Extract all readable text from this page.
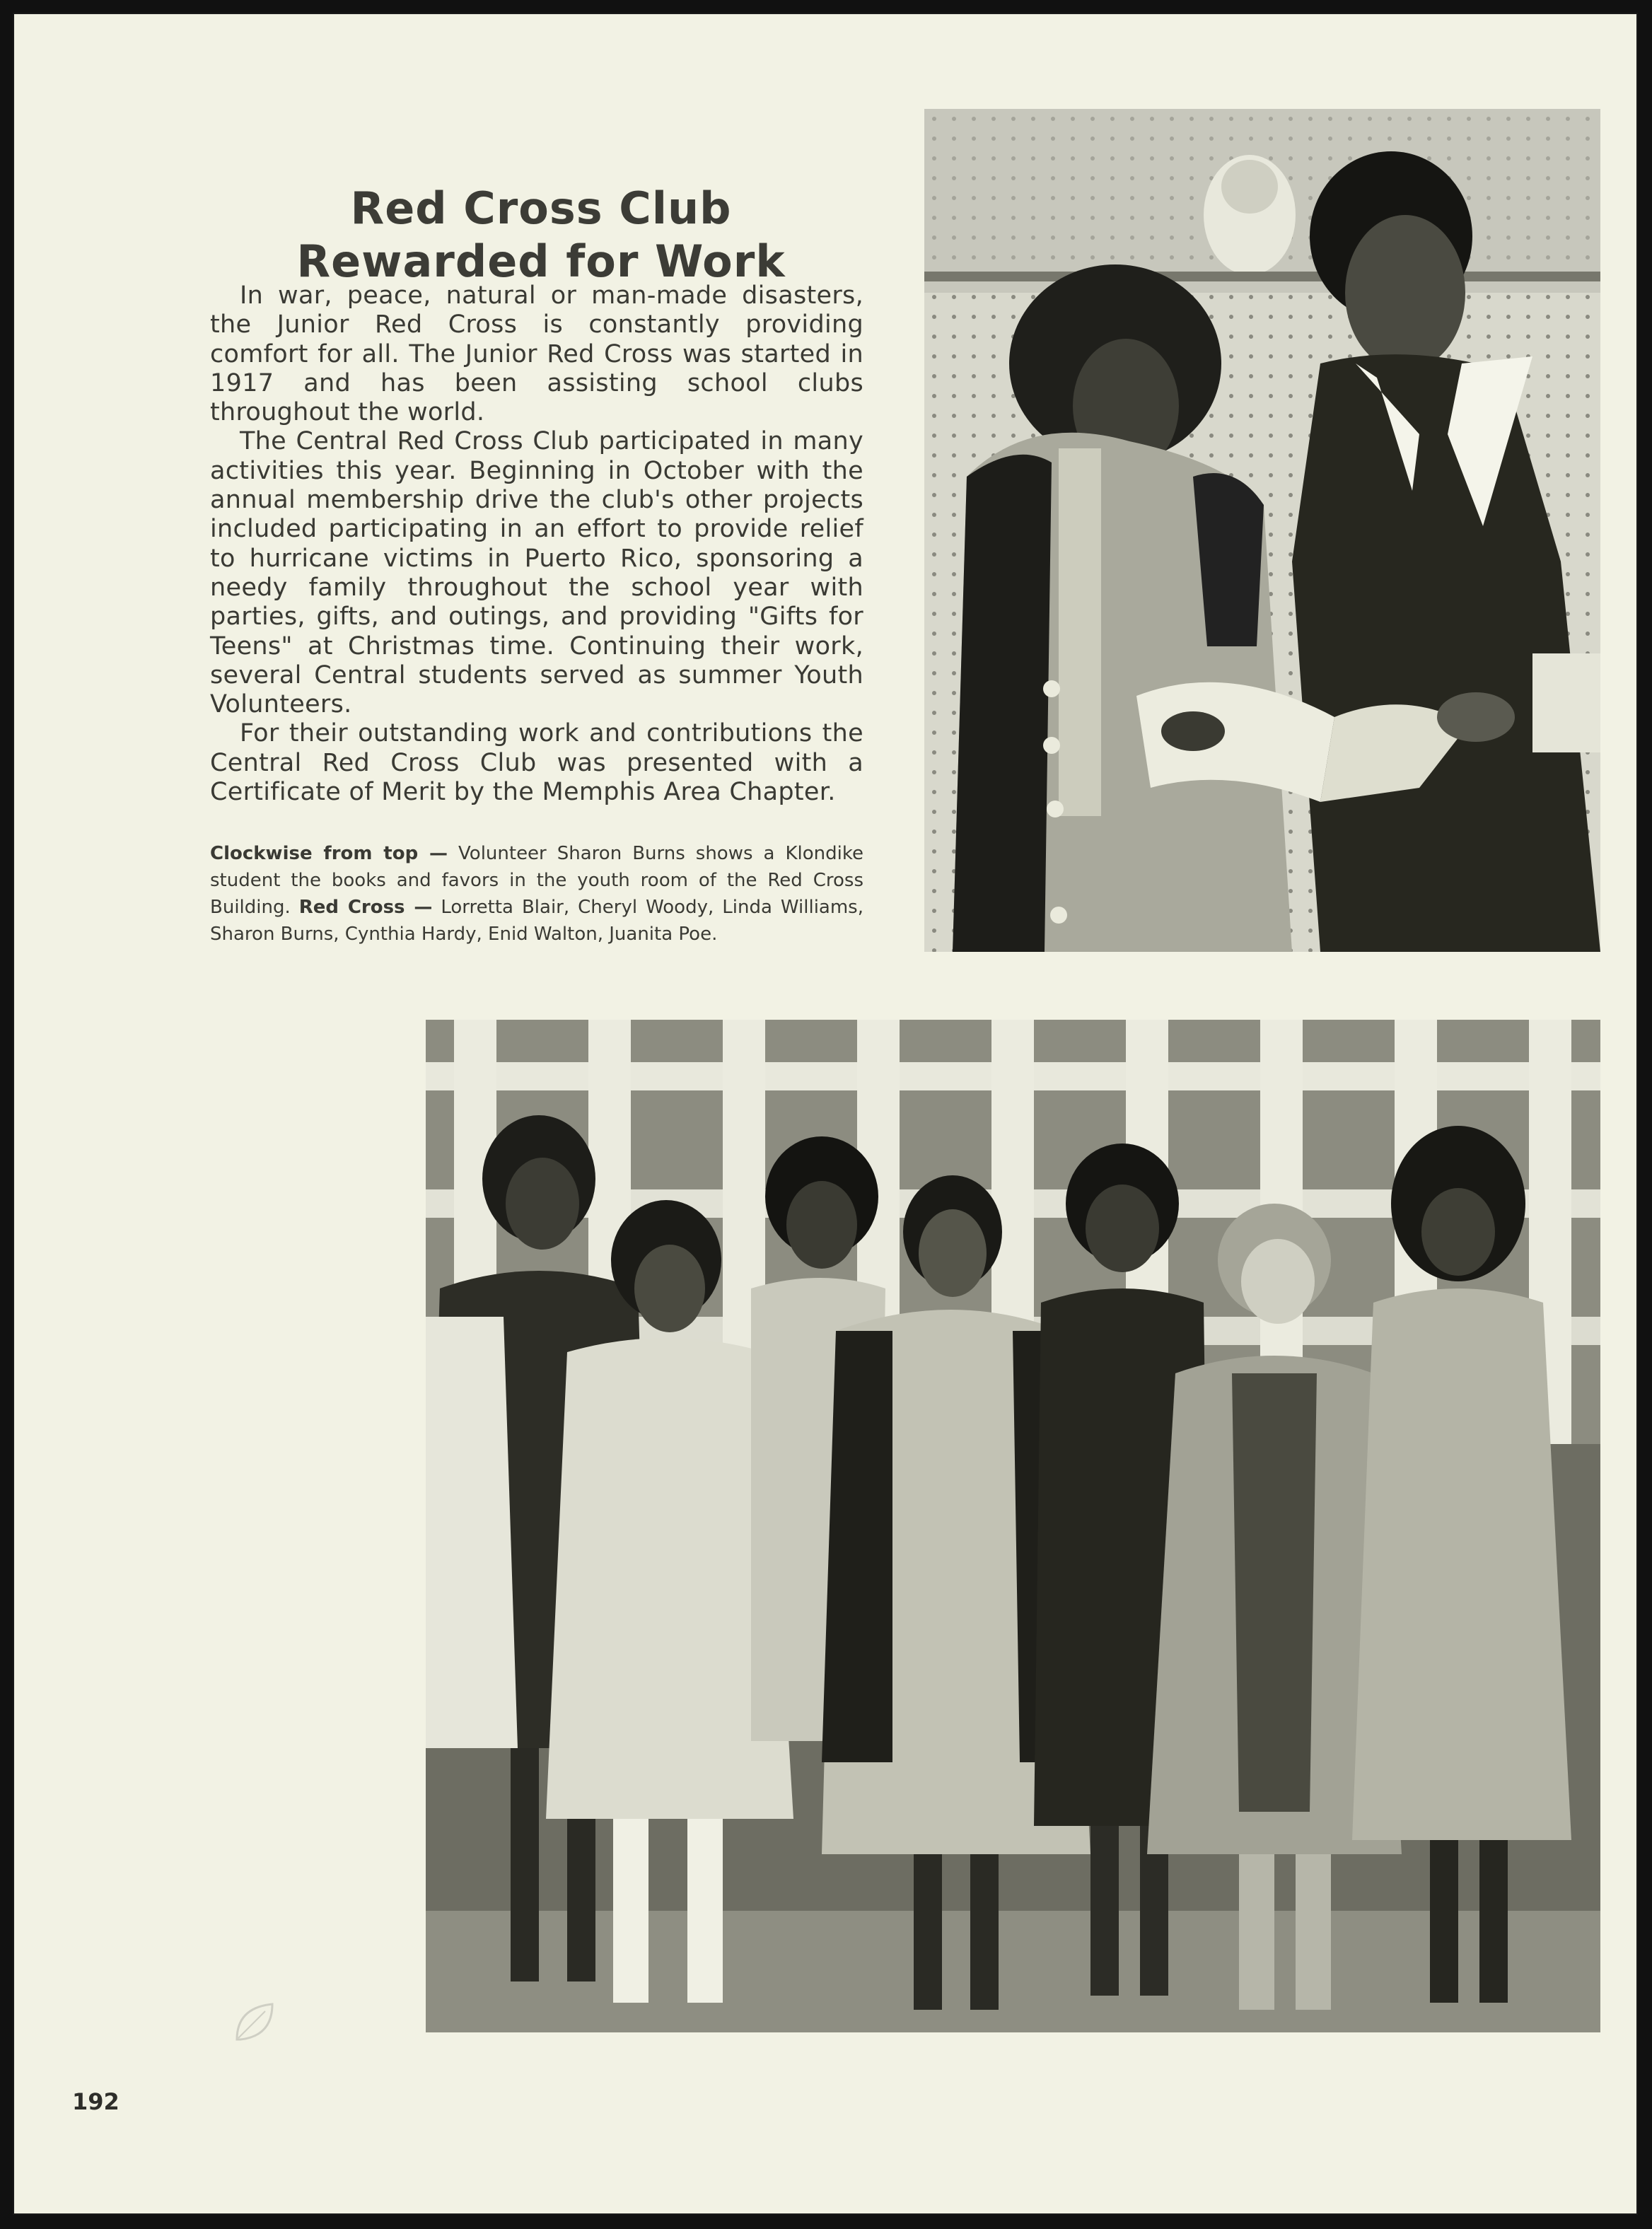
Red Cross Club
Rewarded for Work

In war, peace, natural or man-made disasters, the Junior Red Cross is constantly providing comfort for all. The Junior Red Cross was started in 1917 and has been assisting school clubs throughout the world.

The Central Red Cross Club participated in many activities this year. Beginning in October with the annual membership drive the club's other projects included participating in an effort to provide relief to hurricane victims in Puerto Rico, sponsoring a needy family throughout the school year with parties, gifts, and outings, and providing "Gifts for Teens" at Christmas time. Continuing their work, several Central students served as summer Youth Volunteers.

For their outstanding work and contributions the Central Red Cross Club was presented with a Certificate of Merit by the Memphis Area Chapter.

Clockwise from top — Volunteer Sharon Burns shows a Klondike student the books and favors in the youth room of the Red Cross Building. Red Cross — Lorretta Blair, Cheryl Woody, Linda Williams, Sharon Burns, Cynthia Hardy, Enid Walton, Juanita Poe.
192
